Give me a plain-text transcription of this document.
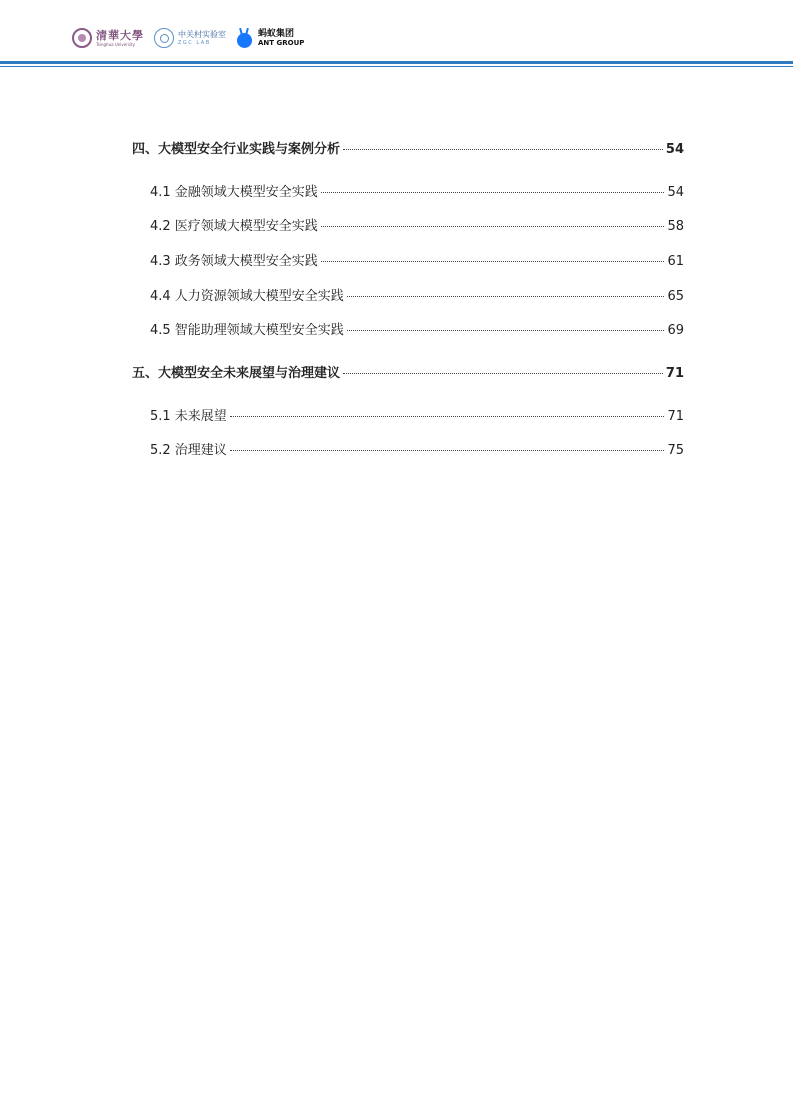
清華大學
Tsinghua University
中关村实验室
ZGC LAB
蚂蚁集团
ANT GROUP
四、大模型安全行业实践与案例分析	54
4.1 金融领域大模型安全实践	54
4.2 医疗领域大模型安全实践	58
4.3 政务领域大模型安全实践	61
4.4 人力资源领域大模型安全实践	65
4.5 智能助理领域大模型安全实践	69
五、大模型安全未来展望与治理建议	71
5.1 未来展望	71
5.2 治理建议	75
